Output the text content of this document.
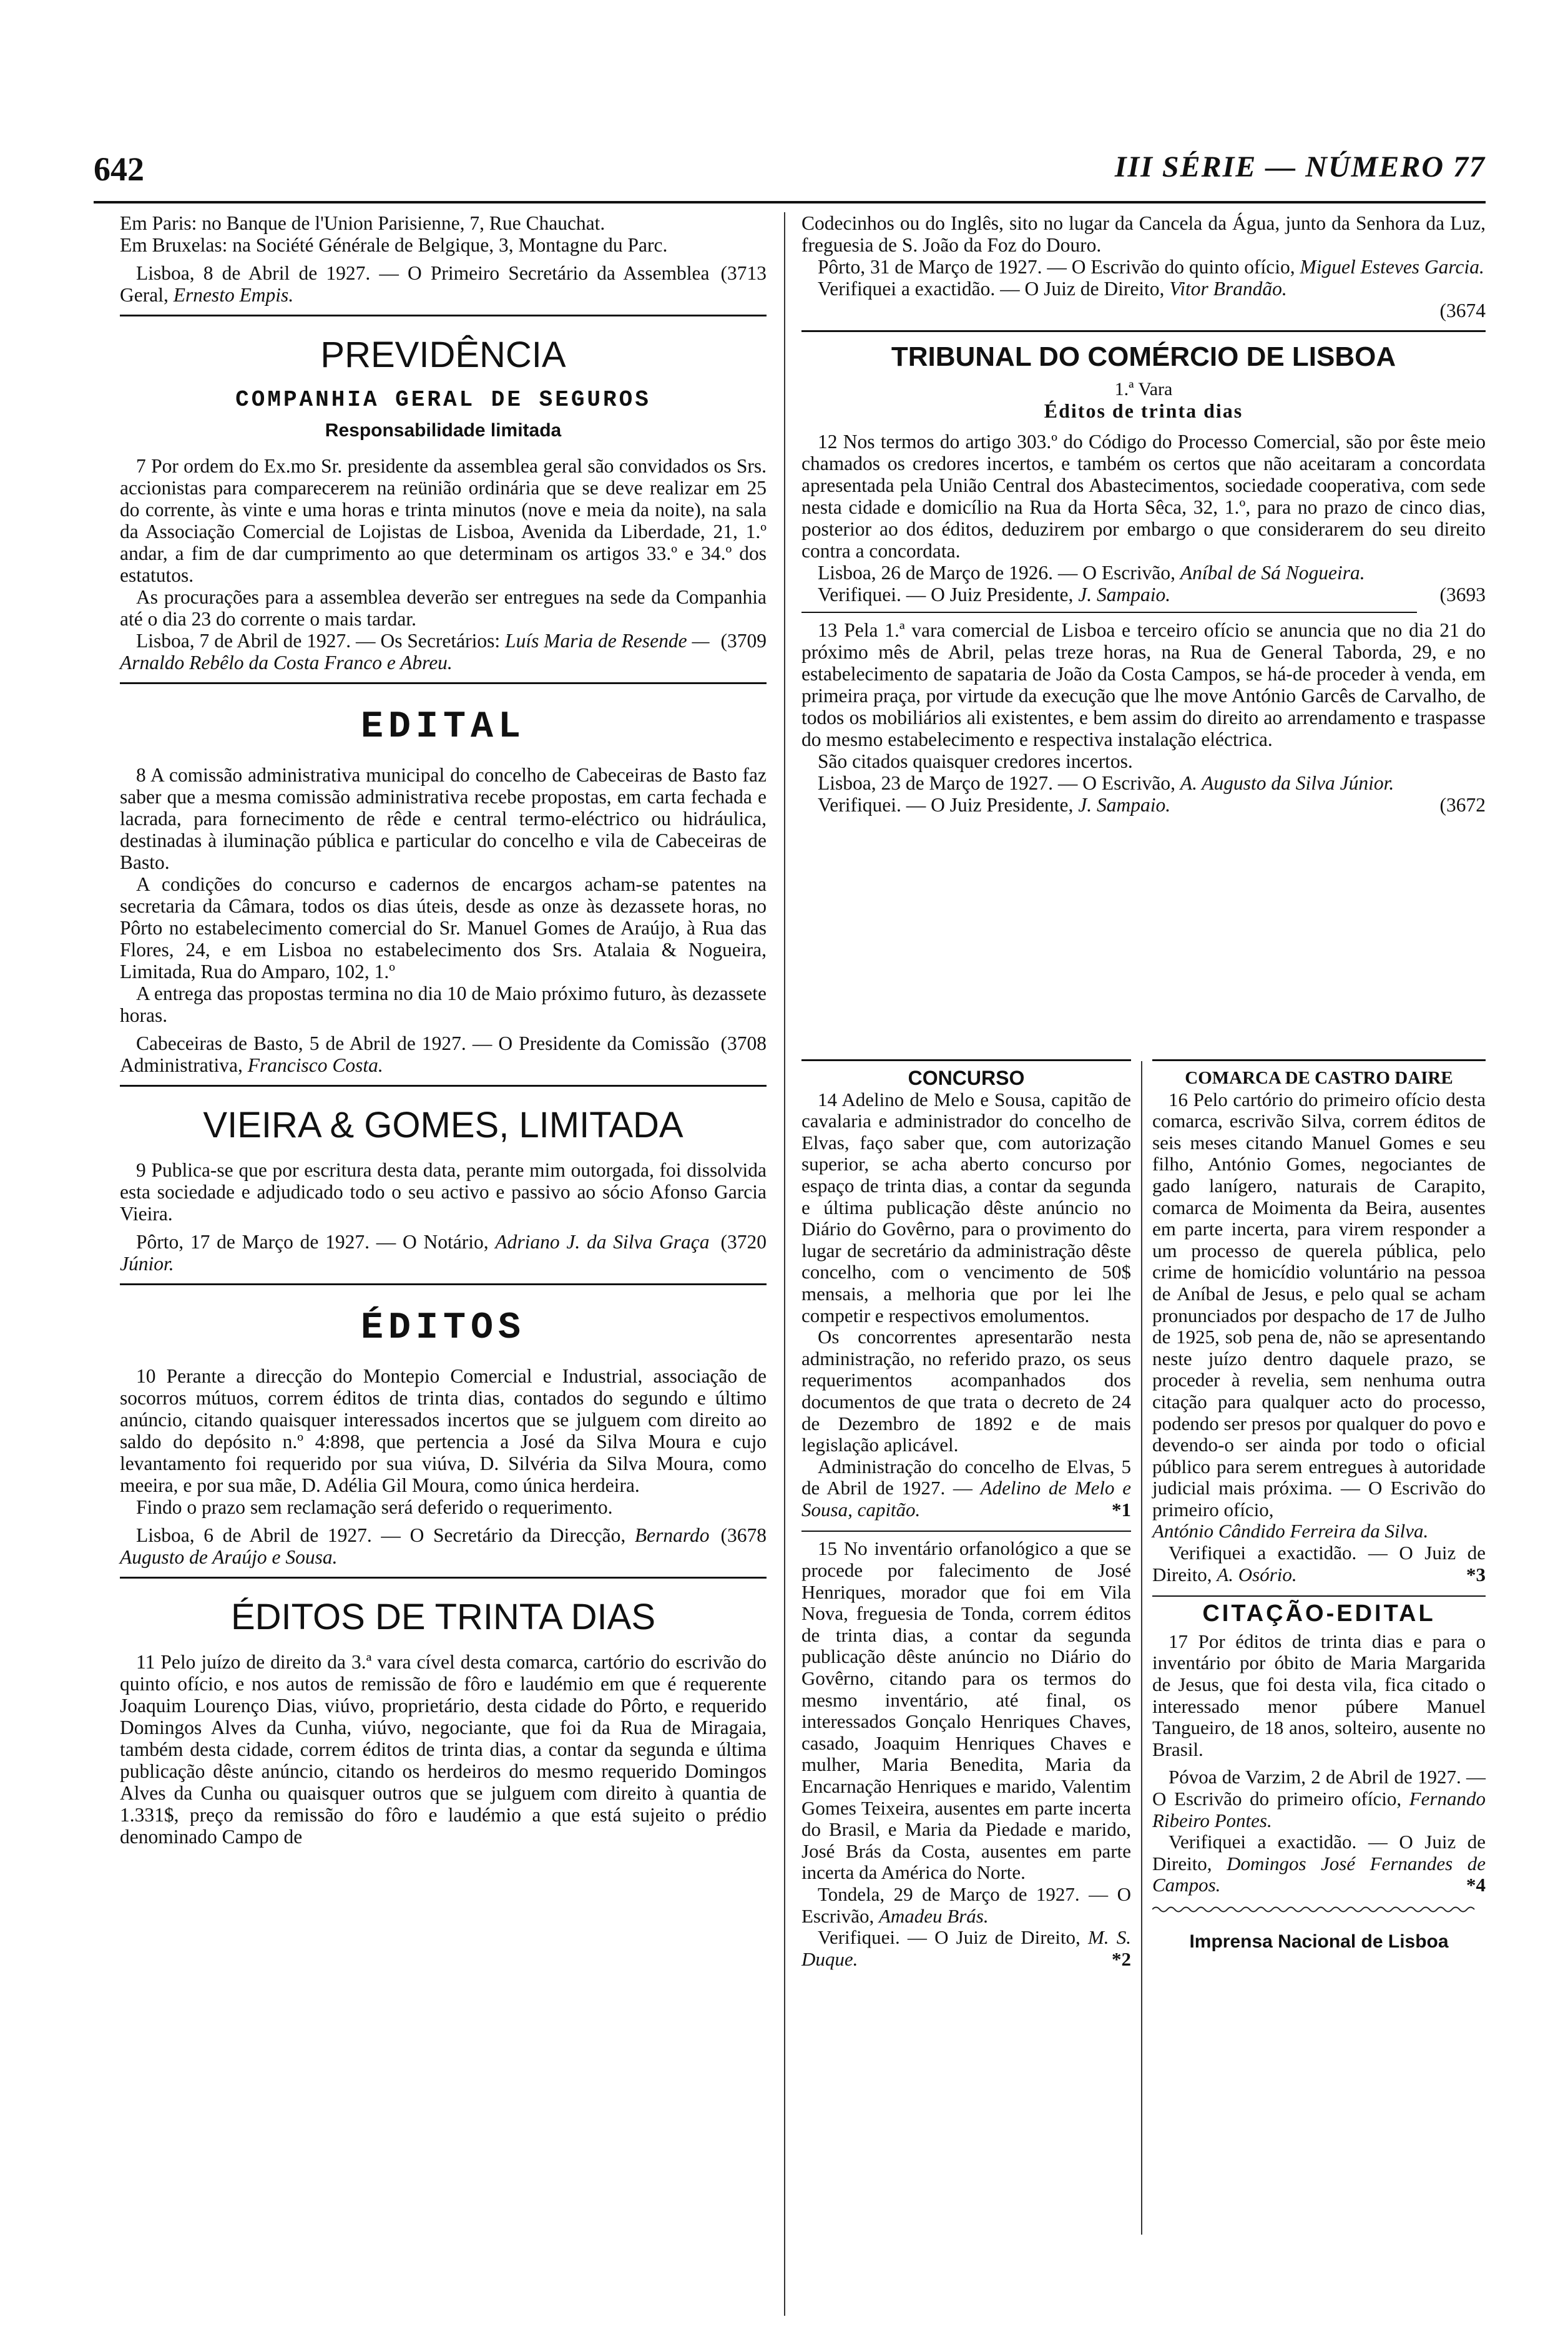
642	III SÉRIE — NÚMERO 77

Em Paris: no Banque de l'Union Parisienne, 7, Rue Chauchat.

Em Bruxelas: na Société Générale de Belgique, 3, Montagne du Parc.

Lisboa, 8 de Abril de 1927. — O Primeiro Secretário da Assemblea Geral, Ernesto Empis.
(3713
PREVIDÊNCIA
COMPANHIA GERAL DE SEGUROS
Responsabilidade limitada

7 Por ordem do Ex.mo Sr. presidente da assemblea geral são convidados os Srs. accionistas para comparecerem na reünião ordinária que se deve realizar em 25 do corrente, às vinte e uma horas e trinta minutos (nove e meia da noite), na sala da Associação Comercial de Lojistas de Lisboa, Avenida da Liberdade, 21, 1.º andar, a fim de dar cumprimento ao que determinam os artigos 33.º e 34.º dos estatutos.

As procurações para a assemblea deverão ser entregues na sede da Companhia até o dia 23 do corrente o mais tardar.

Lisboa, 7 de Abril de 1927. — Os Secretários: Luís Maria de Resende — Arnaldo Rebêlo da Costa Franco e Abreu.
(3709
EDITAL

8 A comissão administrativa municipal do concelho de Cabeceiras de Basto faz saber que a mesma comissão administrativa recebe propostas, em carta fechada e lacrada, para fornecimento de rêde e central termo-eléctrico ou hidráulica, destinadas à iluminação pública e particular do concelho e vila de Cabeceiras de Basto.

A condições do concurso e cadernos de encargos acham-se patentes na secretaria da Câmara, todos os dias úteis, desde as onze às dezassete horas, no Pôrto no estabelecimento comercial do Sr. Manuel Gomes de Araújo, à Rua das Flores, 24, e em Lisboa no estabelecimento dos Srs. Atalaia & Nogueira, Limitada, Rua do Amparo, 102, 1.º

A entrega das propostas termina no dia 10 de Maio próximo futuro, às dezassete horas.

Cabeceiras de Basto, 5 de Abril de 1927. — O Presidente da Comissão Administrativa, Francisco Costa.
(3708
VIEIRA & GOMES, LIMITADA

9 Publica-se que por escritura desta data, perante mim outorgada, foi dissolvida esta sociedade e adjudicado todo o seu activo e passivo ao sócio Afonso Garcia Vieira.

Pôrto, 17 de Março de 1927. — O Notário, Adriano J. da Silva Graça Júnior.
(3720
ÉDITOS

10 Perante a direcção do Montepio Comercial e Industrial, associação de socorros mútuos, correm éditos de trinta dias, contados do segundo e último anúncio, citando quaisquer interessados incertos que se julguem com direito ao saldo do depósito n.º 4:898, que pertencia a José da Silva Moura e cujo levantamento foi requerido por sua viúva, D. Silvéria da Silva Moura, como meeira, e por sua mãe, D. Adélia Gil Moura, como única herdeira.

Findo o prazo sem reclamação será deferido o requerimento.

Lisboa, 6 de Abril de 1927. — O Secretário da Direcção, Bernardo Augusto de Araújo e Sousa.
(3678
ÉDITOS DE TRINTA DIAS

11 Pelo juízo de direito da 3.ª vara cível desta comarca, cartório do escrivão do quinto ofício, e nos autos de remissão de fôro e laudémio em que é requerente Joaquim Lourenço Dias, viúvo, proprietário, desta cidade do Pôrto, e requerido Domingos Alves da Cunha, viúvo, negociante, que foi da Rua de Miragaia, também desta cidade, correm éditos de trinta dias, a contar da segunda e última publicação dêste anúncio, citando os herdeiros do mesmo requerido Domingos Alves da Cunha ou quaisquer outros que se julguem com direito à quantia de 1.331$, preço da remissão do fôro e laudémio a que está sujeito o prédio denominado Campo de

Codecinhos ou do Inglês, sito no lugar da Cancela da Água, junto da Senhora da Luz, freguesia de S. João da Foz do Douro.

Pôrto, 31 de Março de 1927. — O Escrivão do quinto ofício, Miguel Esteves Garcia.

Verifiquei a exactidão. — O Juiz de Direito, Vitor Brandão.

(3674
TRIBUNAL DO COMÉRCIO DE LISBOA
1.ª Vara
Éditos de trinta dias

12 Nos termos do artigo 303.º do Código do Processo Comercial, são por êste meio chamados os credores incertos, e também os certos que não aceitaram a concordata apresentada pela União Central dos Abastecimentos, sociedade cooperativa, com sede nesta cidade e domicílio na Rua da Horta Sêca, 32, 1.º, para no prazo de cinco dias, posterior ao dos éditos, deduzirem por embargo o que considerarem do seu direito contra a concordata.

Lisboa, 26 de Março de 1926. — O Escrivão, Aníbal de Sá Nogueira.

Verifiquei. — O Juiz Presidente, J. Sampaio.	(3693

13 Pela 1.ª vara comercial de Lisboa e terceiro ofício se anuncia que no dia 21 do próximo mês de Abril, pelas treze horas, na Rua de General Taborda, 29, e no estabelecimento de sapataria de João da Costa Campos, se há-de proceder à venda, em primeira praça, por virtude da execução que lhe move António Garcês de Carvalho, de todos os mobiliários ali existentes, e bem assim do direito ao arrendamento e traspasse do mesmo estabelecimento e respectiva instalação eléctrica.

São citados quaisquer credores incertos.

Lisboa, 23 de Março de 1927. — O Escrivão, A. Augusto da Silva Júnior.

Verifiquei. — O Juiz Presidente, J. Sampaio.	(3672
CONCURSO

14 Adelino de Melo e Sousa, capitão de cavalaria e administrador do concelho de Elvas, faço saber que, com autorização superior, se acha aberto concurso por espaço de trinta dias, a contar da segunda e última publicação dêste anúncio no Diário do Govêrno, para o provimento do lugar de secretário da administração dêste concelho, com o vencimento de 50$ mensais, a melhoria que por lei lhe competir e respectivos emolumentos.

Os concorrentes apresentarão nesta administração, no referido prazo, os seus requerimentos acompanhados dos documentos de que trata o decreto de 24 de Dezembro de 1892 e de mais legislação aplicável.

Administração do concelho de Elvas, 5 de Abril de 1927. — Adelino de Melo e Sousa, capitão.	*1

15 No inventário orfanológico a que se procede por falecimento de José Henriques, morador que foi em Vila Nova, freguesia de Tonda, correm éditos de trinta dias, a contar da segunda publicação dêste anúncio no Diário do Govêrno, citando para os termos do mesmo inventário, até final, os interessados Gonçalo Henriques Chaves, casado, Joaquim Henriques Chaves e mulher, Maria Benedita, Maria da Encarnação Henriques e marido, Valentim Gomes Teixeira, ausentes em parte incerta do Brasil, e Maria da Piedade e marido, José Brás da Costa, ausentes em parte incerta da América do Norte.

Tondela, 29 de Março de 1927. — O Escrivão, Amadeu Brás.

Verifiquei. — O Juiz de Direito, M. S. Duque.	*2

COMARCA DE CASTRO DAIRE

16 Pelo cartório do primeiro ofício desta comarca, escrivão Silva, correm éditos de seis meses citando Manuel Gomes e seu filho, António Gomes, negociantes de gado lanígero, naturais de Carapito, comarca de Moimenta da Beira, ausentes em parte incerta, para virem responder a um processo de querela pública, pelo crime de homicídio voluntário na pessoa de Aníbal de Jesus, e pelo qual se acham pronunciados por despacho de 17 de Julho de 1925, sob pena de, não se apresentando neste juízo dentro daquele prazo, se proceder à revelia, sem nenhuma outra citação para qualquer acto do processo, podendo ser presos por qualquer do povo e devendo-o ser ainda por todo o oficial público para serem entregues à autoridade judicial mais próxima. — O Escrivão do primeiro ofício,

António Cândido Ferreira da Silva.

Verifiquei a exactidão. — O Juiz de Direito, A. Osório.	*3

CITAÇÃO-EDITAL

17 Por éditos de trinta dias e para o inventário por óbito de Maria Margarida de Jesus, que foi desta vila, fica citado o interessado menor púbere Manuel Tangueiro, de 18 anos, solteiro, ausente no Brasil.

Póvoa de Varzim, 2 de Abril de 1927. — O Escrivão do primeiro ofício, Fernando Ribeiro Pontes.

Verifiquei a exactidão. — O Juiz de Direito, Domingos José Fernandes de Campos.	*4

Imprensa Nacional de Lisboa
